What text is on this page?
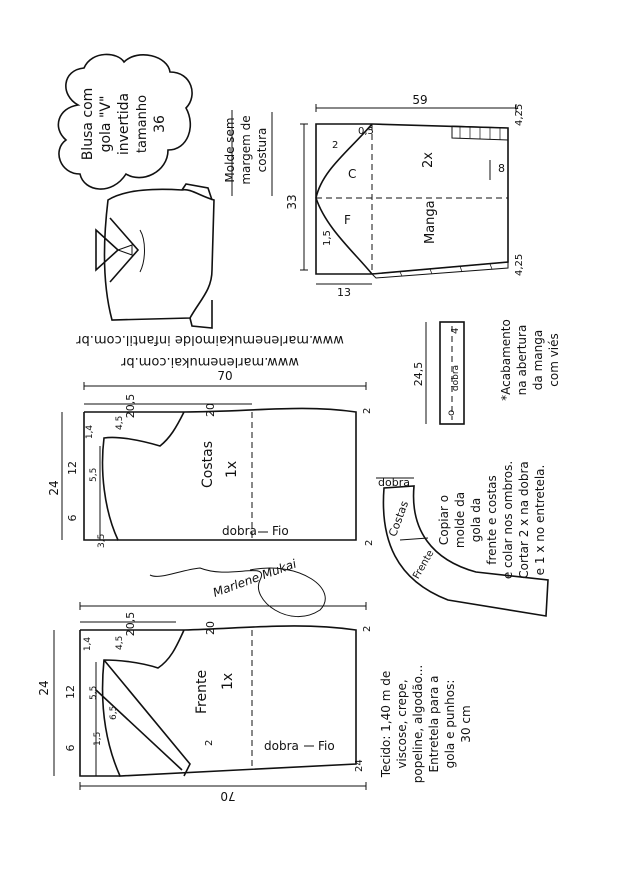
Blusa com gola "V" invertida tamanho 36	Molde sem margem de costura
59
33
4,25
4,25
13
1,5
2
0,5
8
C
F
2x
Manga
www.marlenemukaimolde infantil.com.br
www.marlenemukai.com.br
70
20,5	20
24
12
6
1,4
4,5
5,5
3,5
2
2
Costas 1x
dobra Fio
Marlene Mukai
20,5	20
24 12
6
1,4 4,5
5,5
6,5
2
1,5
2
24
Frente 1x
dobra Fio
70
24,5
4
dobra
o
*Acabamento na abertura da manga com viés
Costas
Frente
dobra
Copiar o molde da gola da frente e costas e colar nos ombros. Cortar 2 x na dobra e 1 x no entretela.
Tecido: 1,40 m de viscose, crepe, popeline, algodão... Entretela para a gola e punhos: 30 cm
